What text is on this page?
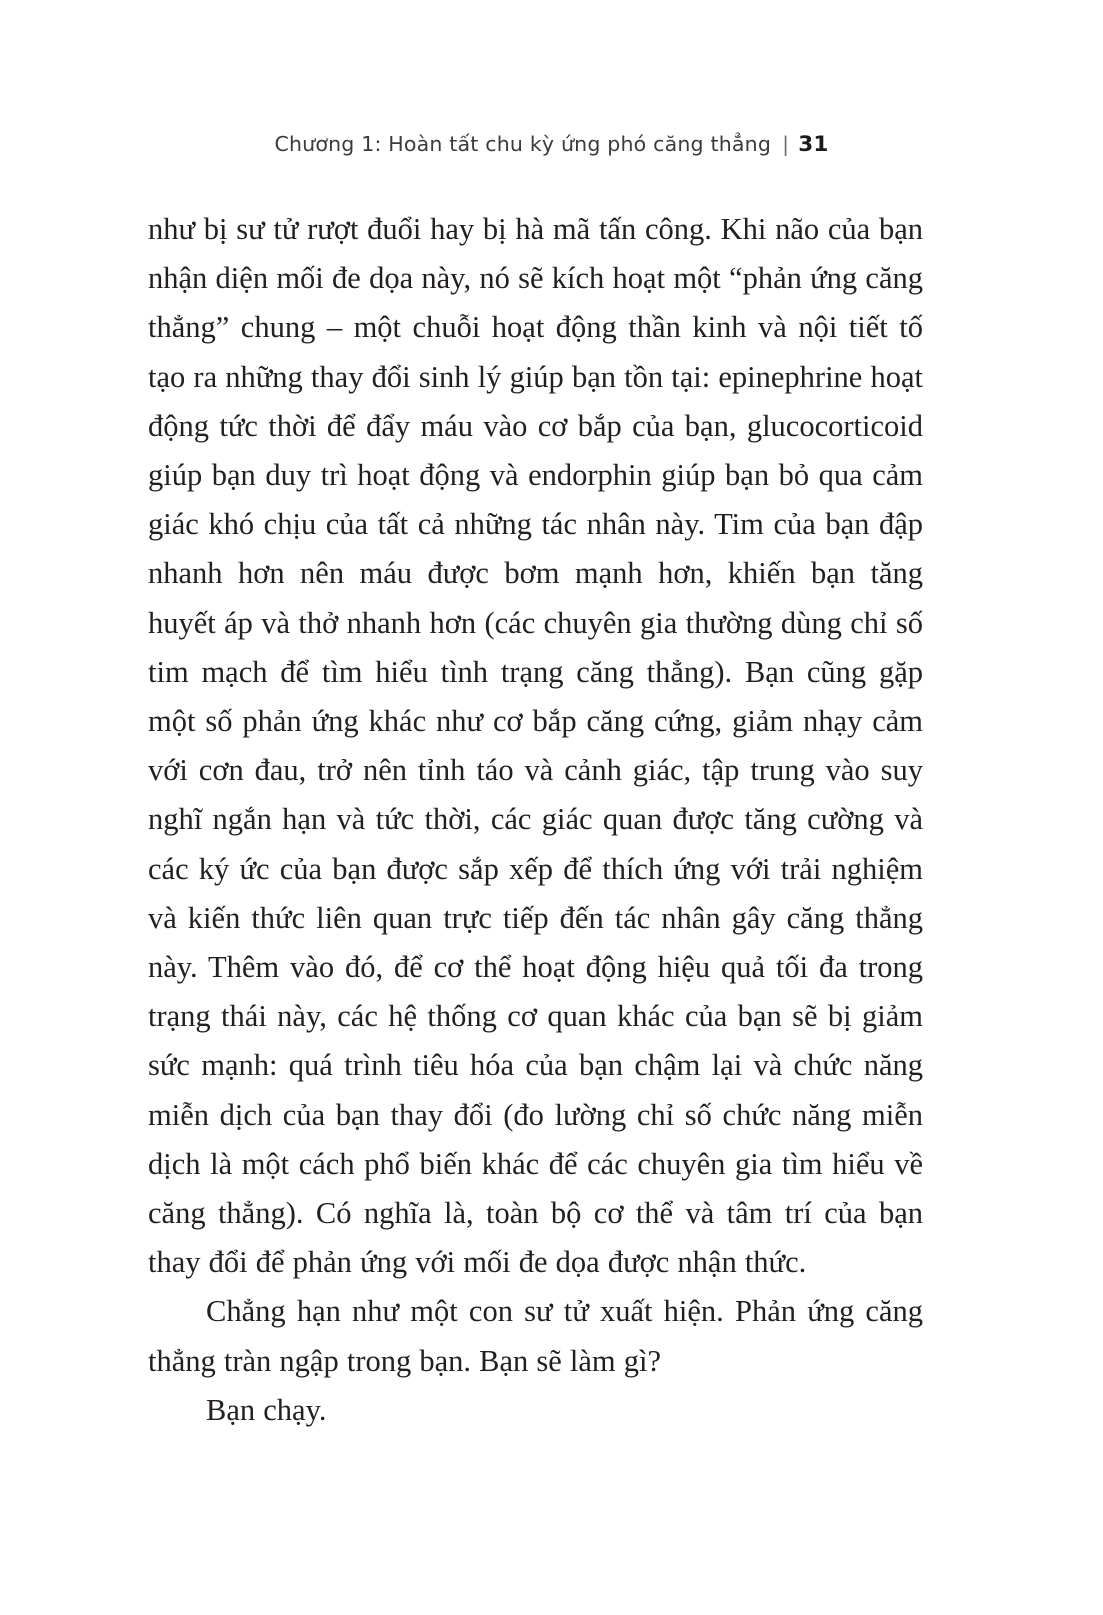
Chương 1: Hoàn tất chu kỳ ứng phó căng thẳng | 31

như bị sư tử rượt đuổi hay bị hà mã tấn công. Khi não của bạn nhận diện mối đe dọa này, nó sẽ kích hoạt một “phản ứng căng thẳng” chung – một chuỗi hoạt động thần kinh và nội tiết tố tạo ra những thay đổi sinh lý giúp bạn tồn tại: epinephrine hoạt động tức thời để đẩy máu vào cơ bắp của bạn, glucocorticoid giúp bạn duy trì hoạt động và endorphin giúp bạn bỏ qua cảm giác khó chịu của tất cả những tác nhân này. Tim của bạn đập nhanh hơn nên máu được bơm mạnh hơn, khiến bạn tăng huyết áp và thở nhanh hơn (các chuyên gia thường dùng chỉ số tim mạch để tìm hiểu tình trạng căng thẳng). Bạn cũng gặp một số phản ứng khác như cơ bắp căng cứng, giảm nhạy cảm với cơn đau, trở nên tỉnh táo và cảnh giác, tập trung vào suy nghĩ ngắn hạn và tức thời, các giác quan được tăng cường và các ký ức của bạn được sắp xếp để thích ứng với trải nghiệm và kiến thức liên quan trực tiếp đến tác nhân gây căng thẳng này. Thêm vào đó, để cơ thể hoạt động hiệu quả tối đa trong trạng thái này, các hệ thống cơ quan khác của bạn sẽ bị giảm sức mạnh: quá trình tiêu hóa của bạn chậm lại và chức năng miễn dịch của bạn thay đổi (đo lường chỉ số chức năng miễn dịch là một cách phổ biến khác để các chuyên gia tìm hiểu về căng thẳng). Có nghĩa là, toàn bộ cơ thể và tâm trí của bạn thay đổi để phản ứng với mối đe dọa được nhận thức.

Chẳng hạn như một con sư tử xuất hiện. Phản ứng căng thẳng tràn ngập trong bạn. Bạn sẽ làm gì?

Bạn chạy.
